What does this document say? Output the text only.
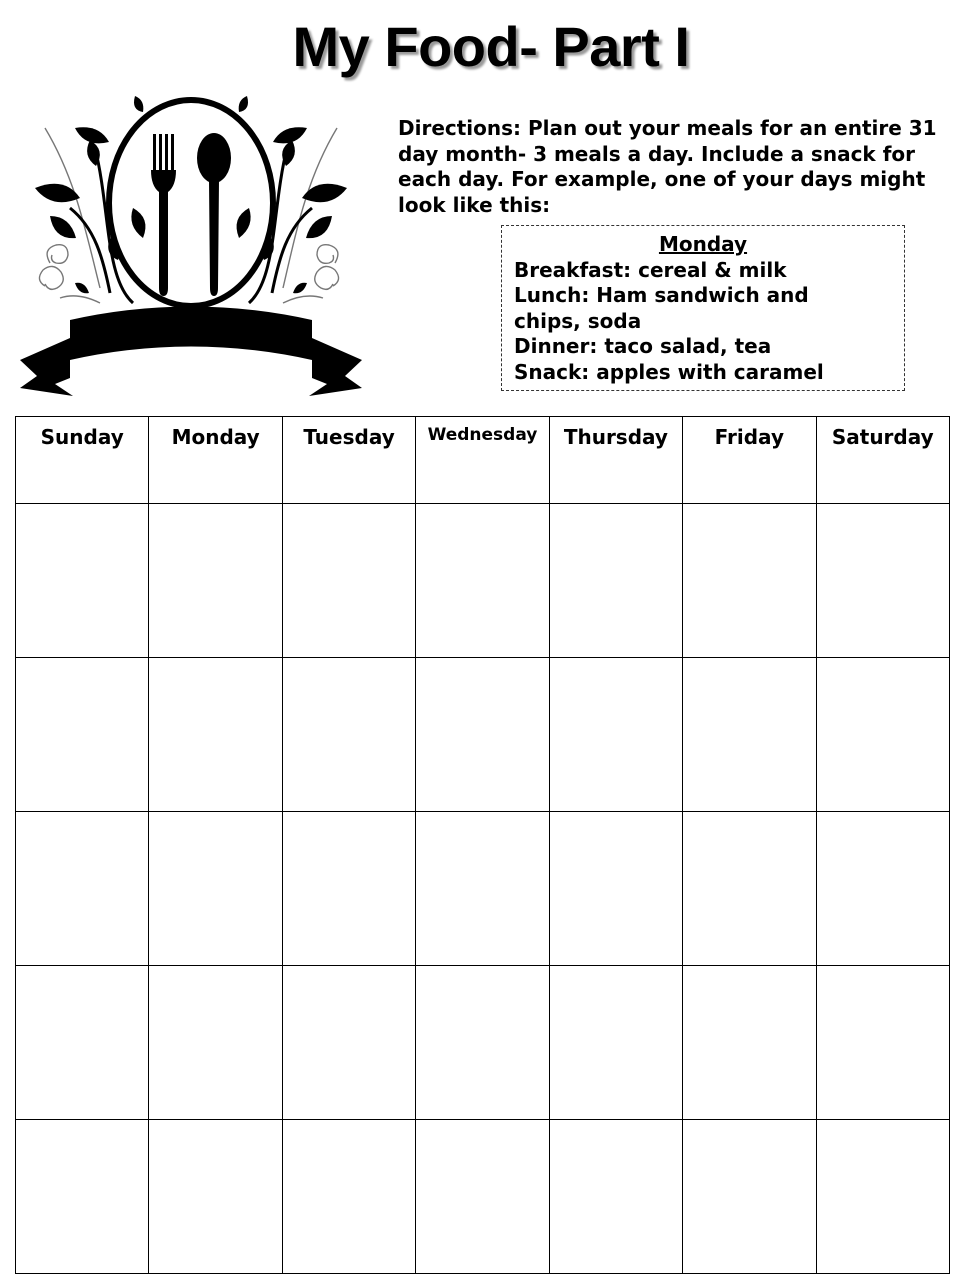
My Food- Part I

Directions: Plan out your meals for an entire 31 day month- 3 meals a day. Include a snack for each day. For example, one of your days might look like this:

Monday
Breakfast: cereal & milk
Lunch: Ham sandwich and
chips, soda
Dinner: taco salad, tea
Snack: apples with caramel
Sunday	Monday	Tuesday	Wednesday	Thursday	Friday	Saturday
